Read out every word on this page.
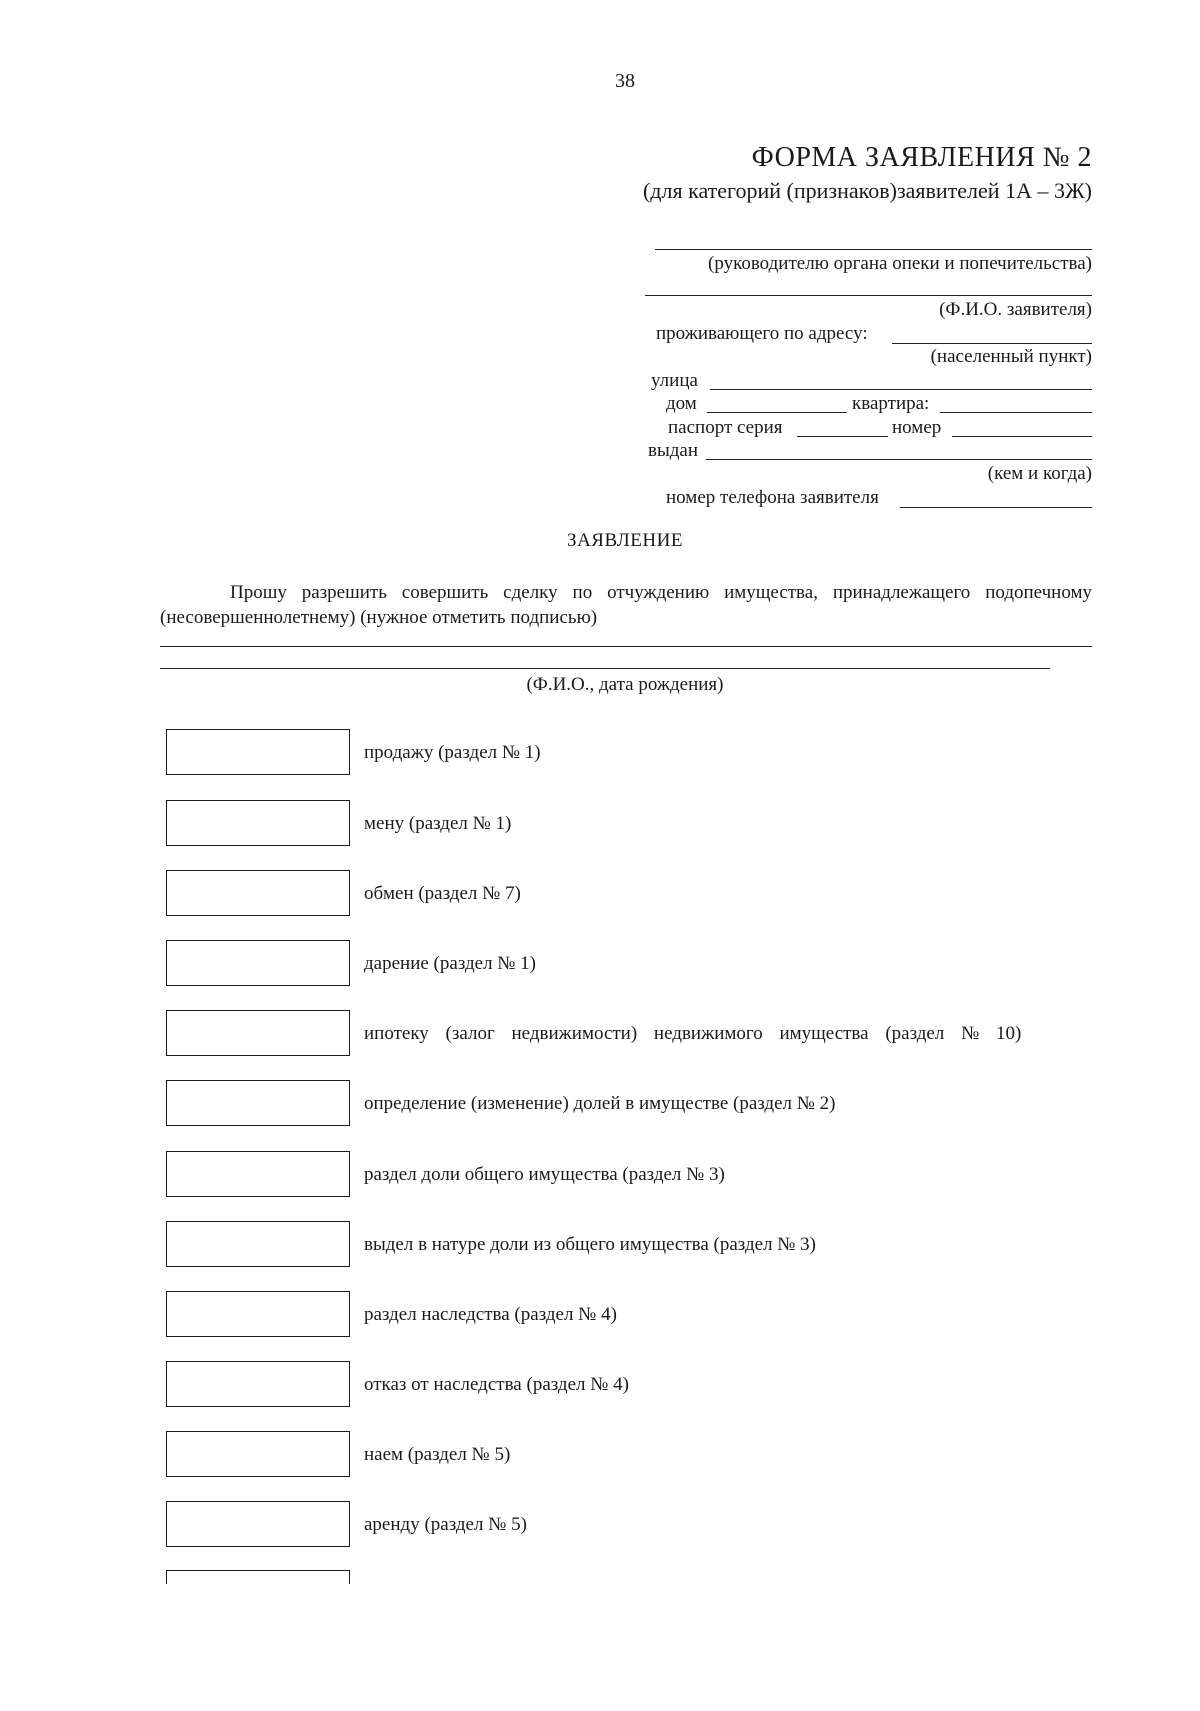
38
ФОРМА ЗАЯВЛЕНИЯ № 2
(для категорий (признаков)заявителей 1А – 3Ж)
(руководителю органа опеки и попечительства)
(Ф.И.О. заявителя)
проживающего по адресу:
(населенный пункт)
улица
дом	квартира:
паспорт серия	номер
выдан
(кем и когда)
номер телефона заявителя
ЗАЯВЛЕНИЕ
Прошу разрешить совершить сделку по отчуждению имущества, принадлежащего подопечному (несовершеннолетнему) (нужное отметить подписью)
(Ф.И.О., дата рождения)
продажу (раздел № 1)
мену (раздел № 1)
обмен (раздел № 7)
дарение (раздел № 1)
ипотеку (залог недвижимости) недвижимого имущества (раздел № 10)
определение (изменение) долей в имуществе (раздел № 2)
раздел доли общего имущества (раздел № 3)
выдел в натуре доли из общего имущества (раздел № 3)
раздел наследства (раздел № 4)
отказ от наследства (раздел № 4)
наем (раздел № 5)
аренду (раздел № 5)
